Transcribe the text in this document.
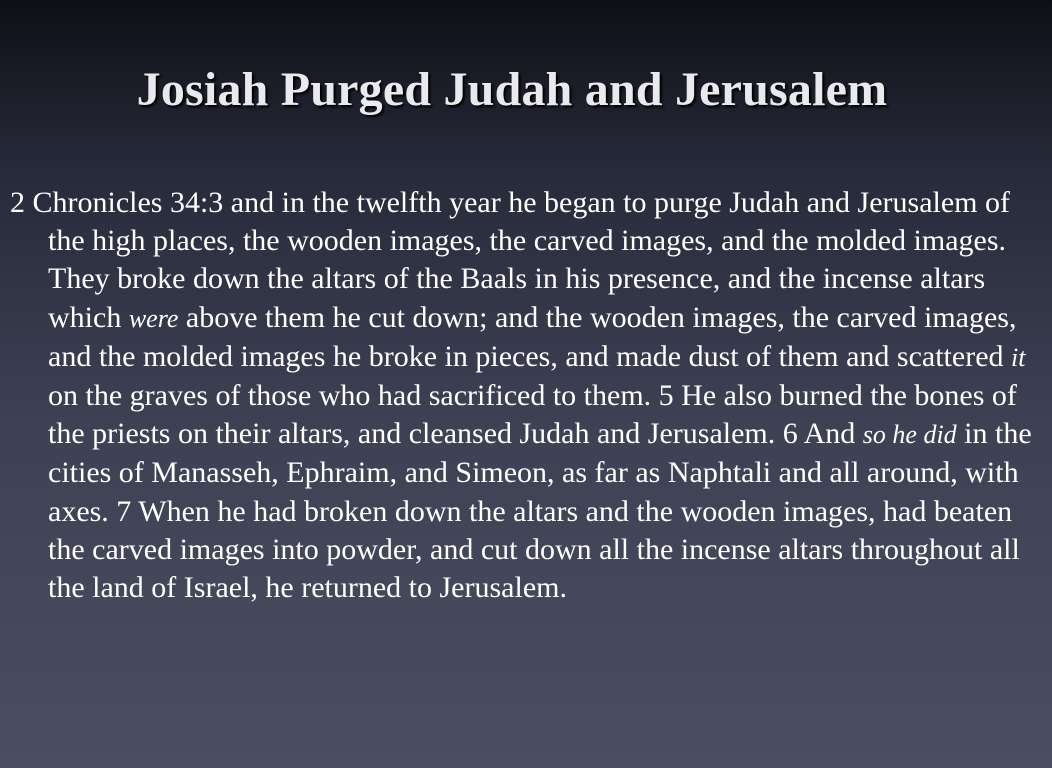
Josiah Purged Judah and Jerusalem

2 Chronicles 34:3 and in the twelfth year he began to purge Judah and Jerusalem of the high places, the wooden images, the carved images, and the molded images. They broke down the altars of the Baals in his presence, and the incense altars which were above them he cut down; and the wooden images, the carved images, and the molded images he broke in pieces, and made dust of them and scattered it on the graves of those who had sacrificed to them. 5 He also burned the bones of the priests on their altars, and cleansed Judah and Jerusalem. 6 And so he did in the cities of Manasseh, Ephraim, and Simeon, as far as Naphtali and all around, with axes. 7 When he had broken down the altars and the wooden images, had beaten the carved images into powder, and cut down all the incense altars throughout all the land of Israel, he returned to Jerusalem.
